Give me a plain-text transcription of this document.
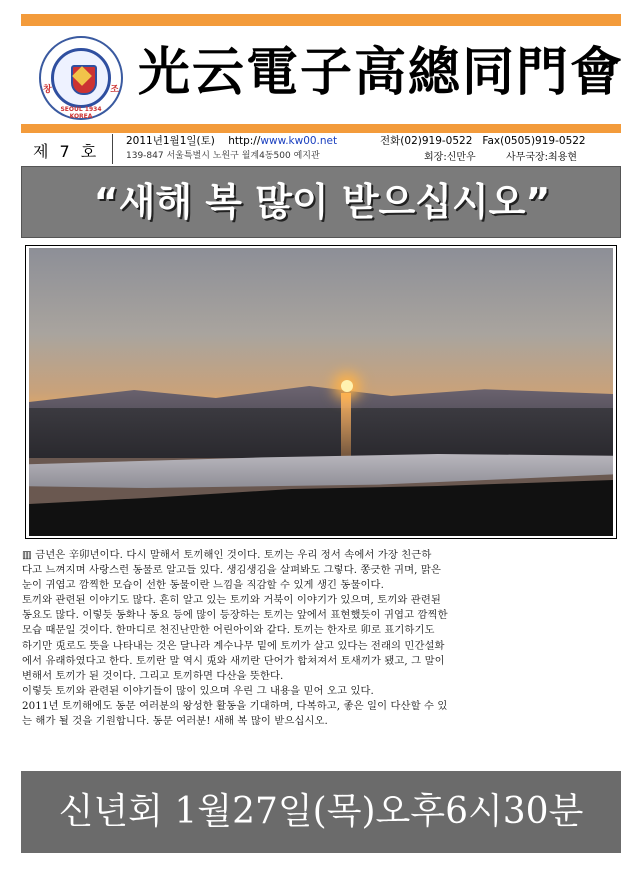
창	조
SEOUL 1934 KOREA
光云電子高總同門會
제 7 호
2011년1월1일(토) http://www.kw00.net	전화(02)919-0522 Fax(0505)919-0522
139-847 서울특별시 노원구 월계4동500 예지관	회장:신만우	사무국장:최용현
“새해 복 많이 받으십시오”

▥ 금년은 辛卯년이다. 다시 말해서 토끼해인 것이다. 토끼는 우리 정서 속에서 가장 친근하

다고 느껴지며 사랑스런 동물로 알고들 있다. 생김생김을 살펴봐도 그렇다. 쫑긋한 귀며, 맑은

눈이 귀엽고 깜찍한 모습이 선한 동물이란 느낌을 직감할 수 있게 생긴 동물이다.

토끼와 관련된 이야기도 많다. 흔히 알고 있는 토끼와 거북이 이야기가 있으며, 토끼와 관련된

동요도 많다. 이렇듯 동화나 동요 등에 많이 등장하는 토끼는 앞에서 표현했듯이 귀엽고 깜찍한

모습 때문일 것이다. 한마디로 천진난만한 어린아이와 같다. 토끼는 한자로 卯로 표기하기도

하기만 兎로도 뜻을 나타내는 것은 달나라 계수나무 밑에 토끼가 살고 있다는 전래의 민간설화

에서 유래하였다고 한다. 토끼란 말 역시 兎와 새끼란 단어가 합쳐져서 토새끼가 됐고, 그 말이

변해서 토끼가 된 것이다. 그리고 토끼하면 다산을 뜻한다.

이렇듯 토끼와 관련된 이야기들이 많이 있으며 우린 그 내용을 믿어 오고 있다.

2011년 토끼해에도 동문 여러분의 왕성한 활동을 기대하며, 다복하고, 좋은 일이 다산할 수 있

는 해가 될 것을 기원합니다. 동문 여러분! 새해 복 많이 받으십시오.

신년회 1월27일(목)오후6시30분
